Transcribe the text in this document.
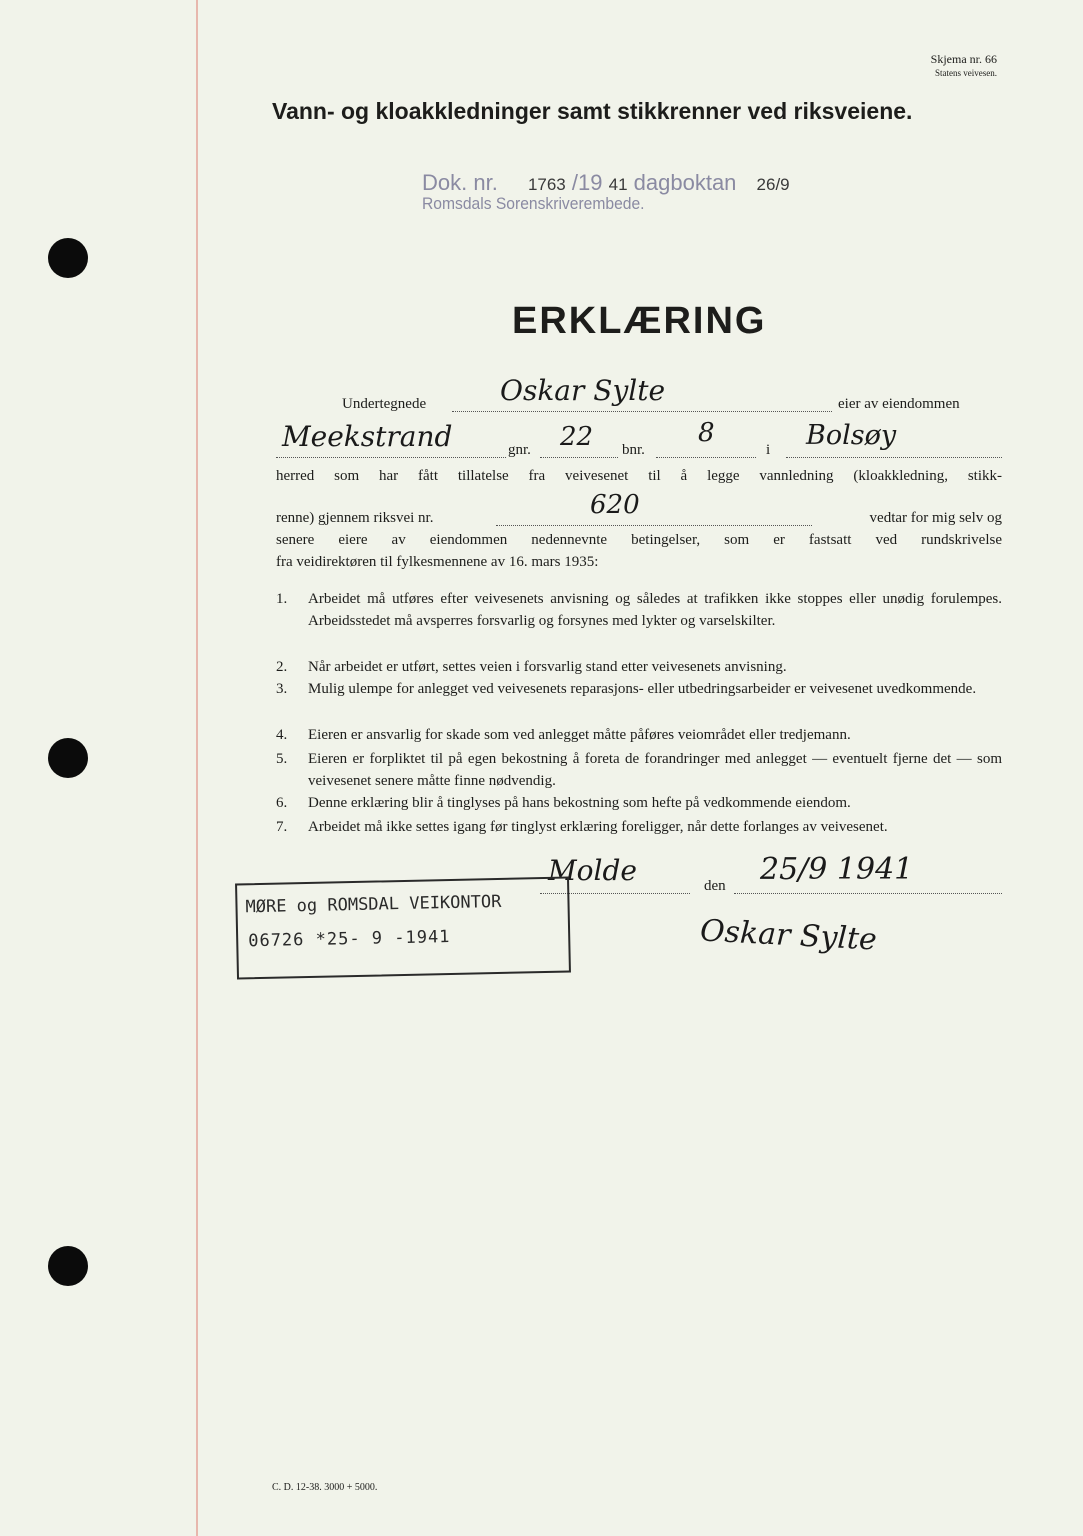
Skjema nr. 66
Statens veivesen.
Vann- og kloakkledninger samt stikkrenner ved riksveiene.
Dok. nr. 1763 /19 41 dagboktan 26/9
Romsdals Sorenskriverembede.
ERKLÆRING
Undertegnede	Oskar Sylte	eier av eiendommen
Meekstrand	gnr. 22 bnr.
8
i Bolsøy
herred som har fått tillatelse fra veivesenet til å legge vannledning (kloakkledning, stikk-
renne) gjennem riksvei nr.	620	vedtar for mig selv og
senere eiere av eiendommen nedennevnte betingelser, som er fastsatt ved rundskrivelse
fra veidirektøren til fylkesmennene av 16. mars 1935:
1. Arbeidet må utføres efter veivesenets anvisning og således at trafikken ikke stoppes eller unødig forulempes. Arbeidsstedet må avsperres forsvarlig og forsynes med lykter og varselskilter.
2. Når arbeidet er utført, settes veien i forsvarlig stand etter veivesenets anvisning.
3. Mulig ulempe for anlegget ved veivesenets reparasjons- eller utbedringsarbeider er veivesenet uvedkommende.
4. Eieren er ansvarlig for skade som ved anlegget måtte påføres veiområdet eller tredjemann.
5. Eieren er forpliktet til på egen bekostning å foreta de forandringer med anlegget — eventuelt fjerne det — som veivesenet senere måtte finne nødvendig.
6. Denne erklæring blir å tinglyses på hans bekostning som hefte på vedkommende eiendom.
7. Arbeidet må ikke settes igang før tinglyst erklæring foreligger, når dette forlanges av veivesenet.
Molde	den 25/9 1941
Oskar Sylte
MØRE og ROMSDAL VEIKONTOR
06726 *25- 9 -1941
C. D. 12-38. 3000 + 5000.
